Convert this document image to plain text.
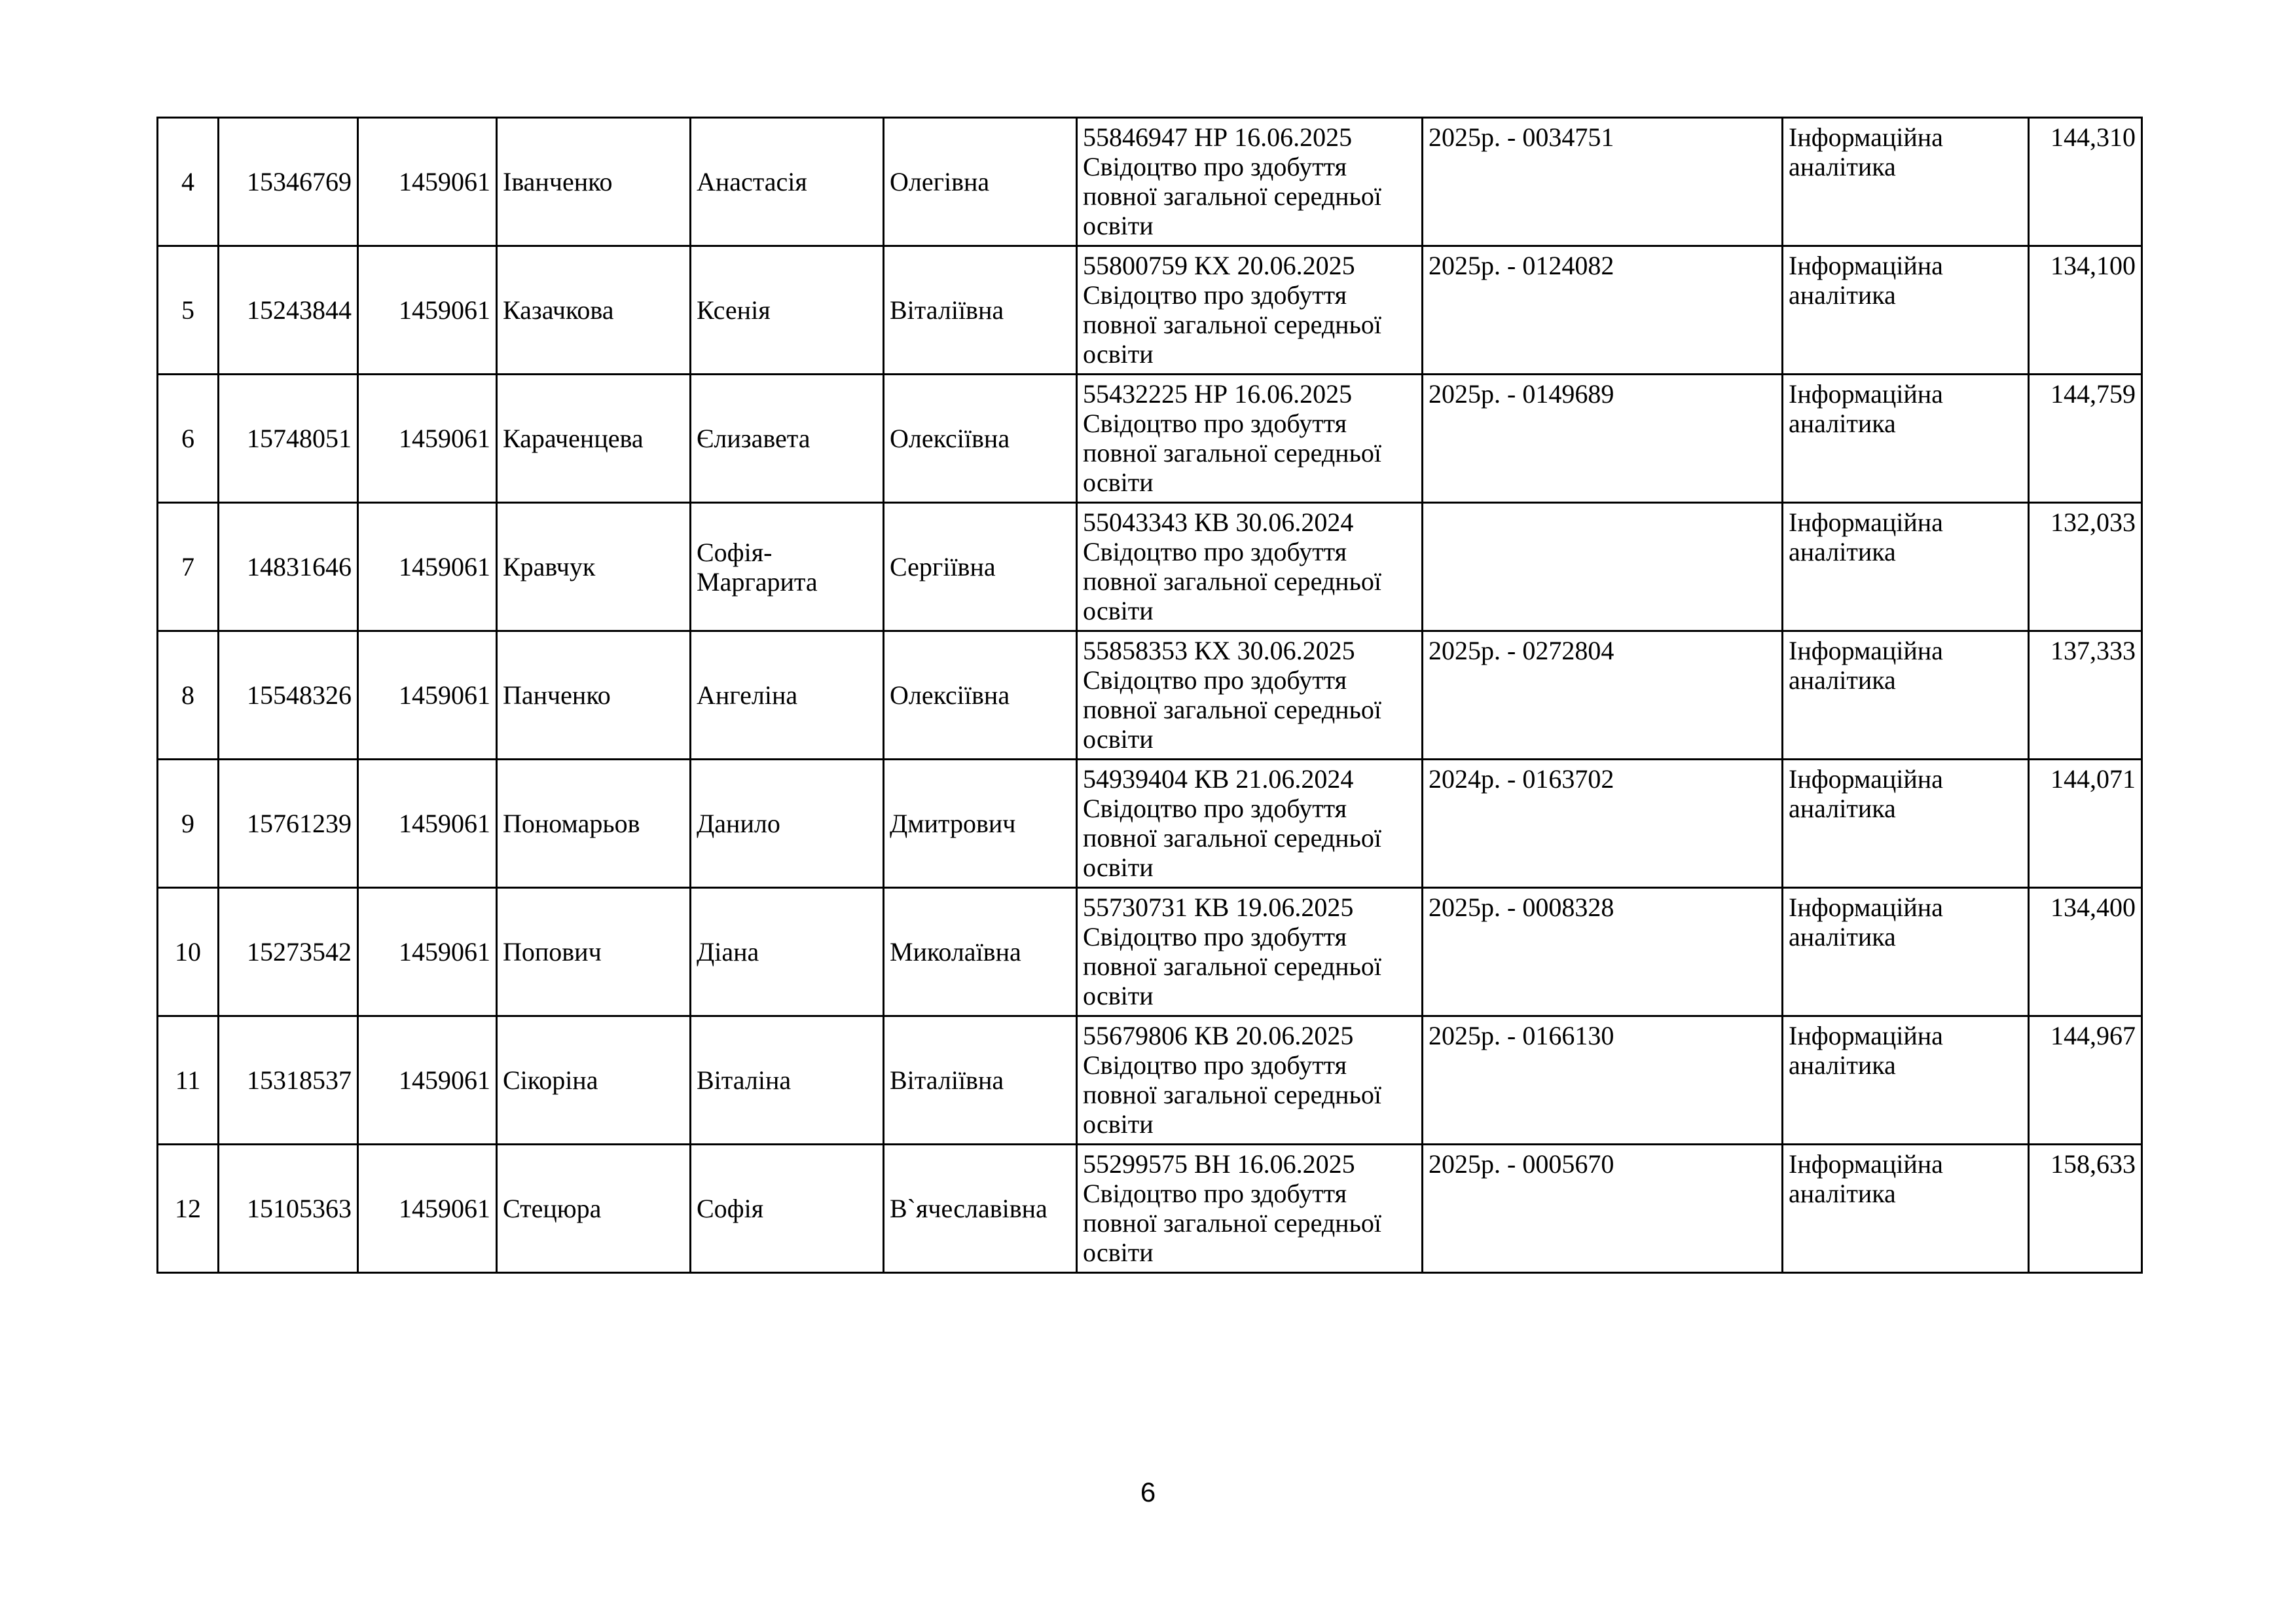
4	15346769	1459061	Іванченко	Анастасія	Олегівна	55846947 НР 16.06.2025
Свідоцтво про здобуття
повної загальної середньої
освіти	2025р. - 0034751	Інформаційна аналітика	144,310
5	15243844	1459061	Казачкова	Ксенія	Віталіївна	55800759 КХ 20.06.2025
Свідоцтво про здобуття
повної загальної середньої
освіти	2025р. - 0124082	Інформаційна аналітика	134,100
6	15748051	1459061	Караченцева	Єлизавета	Олексіївна	55432225 НР 16.06.2025
Свідоцтво про здобуття
повної загальної середньої
освіти	2025р. - 0149689	Інформаційна аналітика	144,759
7	14831646	1459061	Кравчук	Софія-Маргарита	Сергіївна	55043343 КВ 30.06.2024
Свідоцтво про здобуття
повної загальної середньої
освіти		Інформаційна аналітика	132,033
8	15548326	1459061	Панченко	Ангеліна	Олексіївна	55858353 КХ 30.06.2025
Свідоцтво про здобуття
повної загальної середньої
освіти	2025р. - 0272804	Інформаційна аналітика	137,333
9	15761239	1459061	Пономарьов	Данило	Дмитрович	54939404 КВ 21.06.2024
Свідоцтво про здобуття
повної загальної середньої
освіти	2024р. - 0163702	Інформаційна аналітика	144,071
10	15273542	1459061	Попович	Діана	Миколаївна	55730731 КВ 19.06.2025
Свідоцтво про здобуття
повної загальної середньої
освіти	2025р. - 0008328	Інформаційна аналітика	134,400
11	15318537	1459061	Сікоріна	Віталіна	Віталіївна	55679806 КВ 20.06.2025
Свідоцтво про здобуття
повної загальної середньої
освіти	2025р. - 0166130	Інформаційна аналітика	144,967
12	15105363	1459061	Стецюра	Софія	В`ячеславівна	55299575 ВН 16.06.2025
Свідоцтво про здобуття
повної загальної середньої
освіти	2025р. - 0005670	Інформаційна аналітика	158,633
6
